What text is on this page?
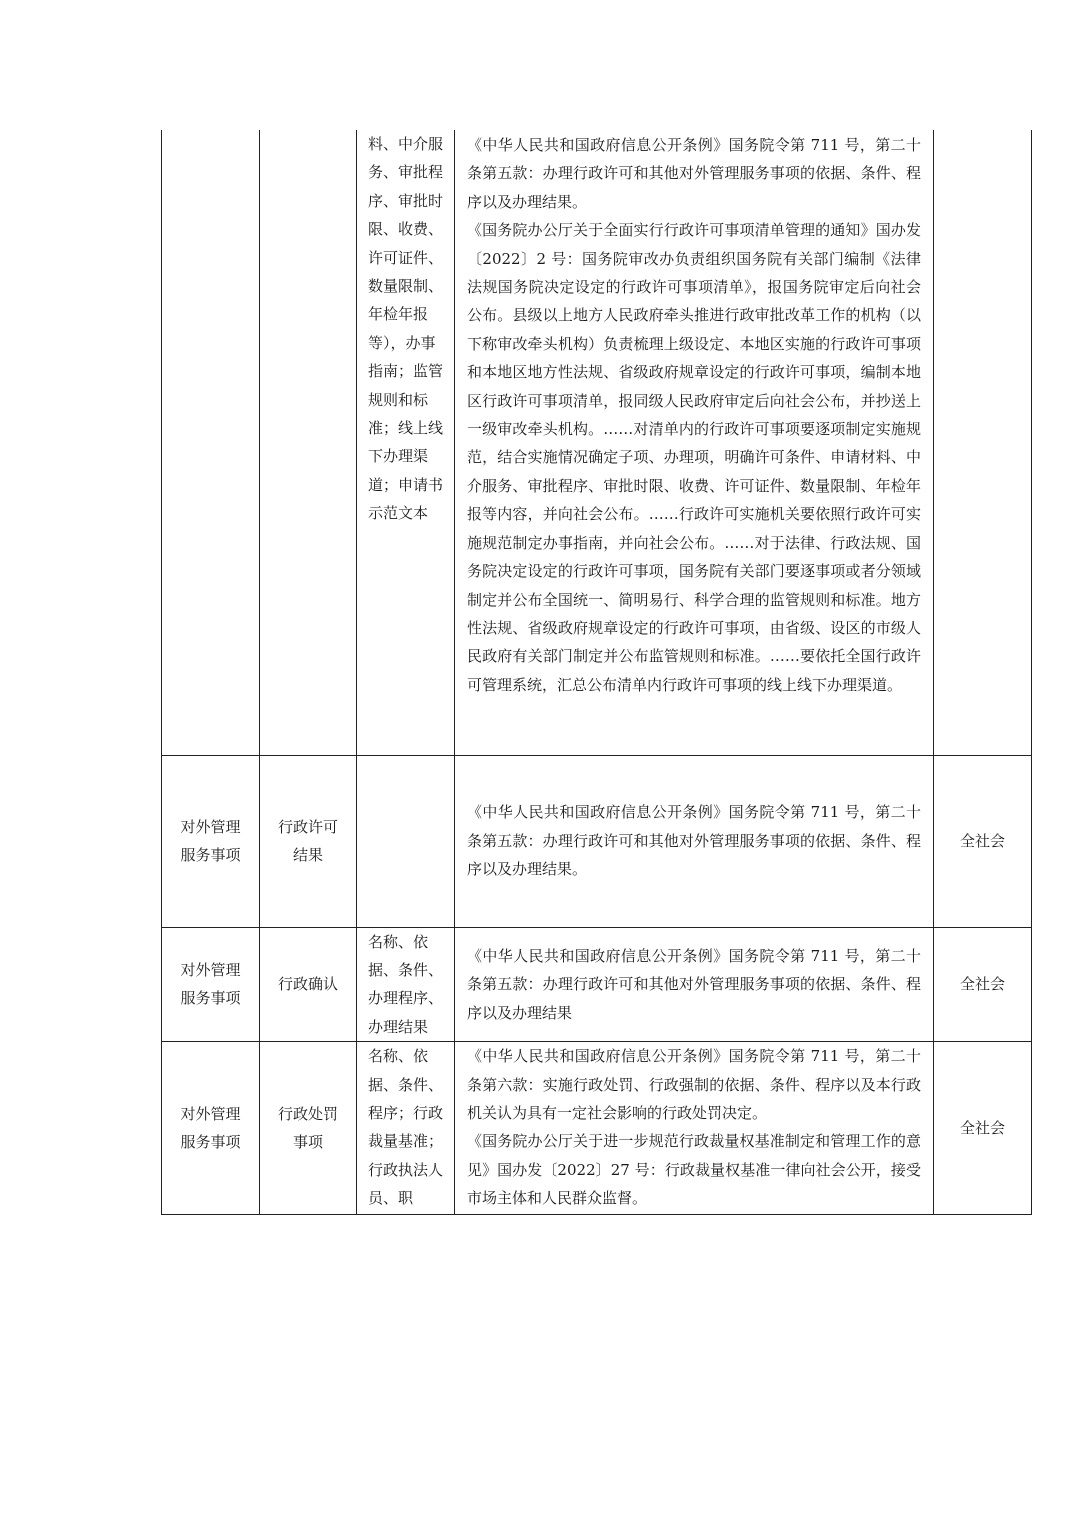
		料、中介服务、审批程序、审批时限、收费、许可证件、数量限制、年检年报等），办事指南；监管规则和标准；线上线下办理渠道；申请书示范文本	《中华人民共和国政府信息公开条例》国务院令第 711 号，第二十条第五款：办理行政许可和其他对外管理服务事项的依据、条件、程序以及办理结果。
《国务院办公厅关于全面实行行政许可事项清单管理的通知》国办发〔2022〕2 号：国务院审改办负责组织国务院有关部门编制《法律法规国务院决定设定的行政许可事项清单》，报国务院审定后向社会公布。县级以上地方人民政府牵头推进行政审批改革工作的机构（以下称审改牵头机构）负责梳理上级设定、本地区实施的行政许可事项和本地区地方性法规、省级政府规章设定的行政许可事项，编制本地区行政许可事项清单，报同级人民政府审定后向社会公布，并抄送上一级审改牵头机构。……对清单内的行政许可事项要逐项制定实施规范，结合实施情况确定子项、办理项，明确许可条件、申请材料、中介服务、审批程序、审批时限、收费、许可证件、数量限制、年检年报等内容，并向社会公布。……行政许可实施机关要依照行政许可实施规范制定办事指南，并向社会公布。……对于法律、行政法规、国务院决定设定的行政许可事项，国务院有关部门要逐事项或者分领域制定并公布全国统一、简明易行、科学合理的监管规则和标准。地方性法规、省级政府规章设定的行政许可事项，由省级、设区的市级人民政府有关部门制定并公布监管规则和标准。……要依托全国行政许可管理系统，汇总公布清单内行政许可事项的线上线下办理渠道。	

对外管理服务事项	行政许可结果		《中华人民共和国政府信息公开条例》国务院令第 711 号，第二十条第五款：办理行政许可和其他对外管理服务事项的依据、条件、程序以及办理结果。	全社会
对外管理服务事项	行政确认	名称、依据、条件、办理程序、办理结果	《中华人民共和国政府信息公开条例》国务院令第 711 号，第二十条第五款：办理行政许可和其他对外管理服务事项的依据、条件、程序以及办理结果	全社会
对外管理服务事项	行政处罚事项	名称、依据、条件、程序；行政裁量基准；行政执法人员、职	《中华人民共和国政府信息公开条例》国务院令第 711 号，第二十条第六款：实施行政处罚、行政强制的依据、条件、程序以及本行政机关认为具有一定社会影响的行政处罚决定。
《国务院办公厅关于进一步规范行政裁量权基准制定和管理工作的意见》国办发〔2022〕27 号：行政裁量权基准一律向社会公开，接受市场主体和人民群众监督。	全社会
